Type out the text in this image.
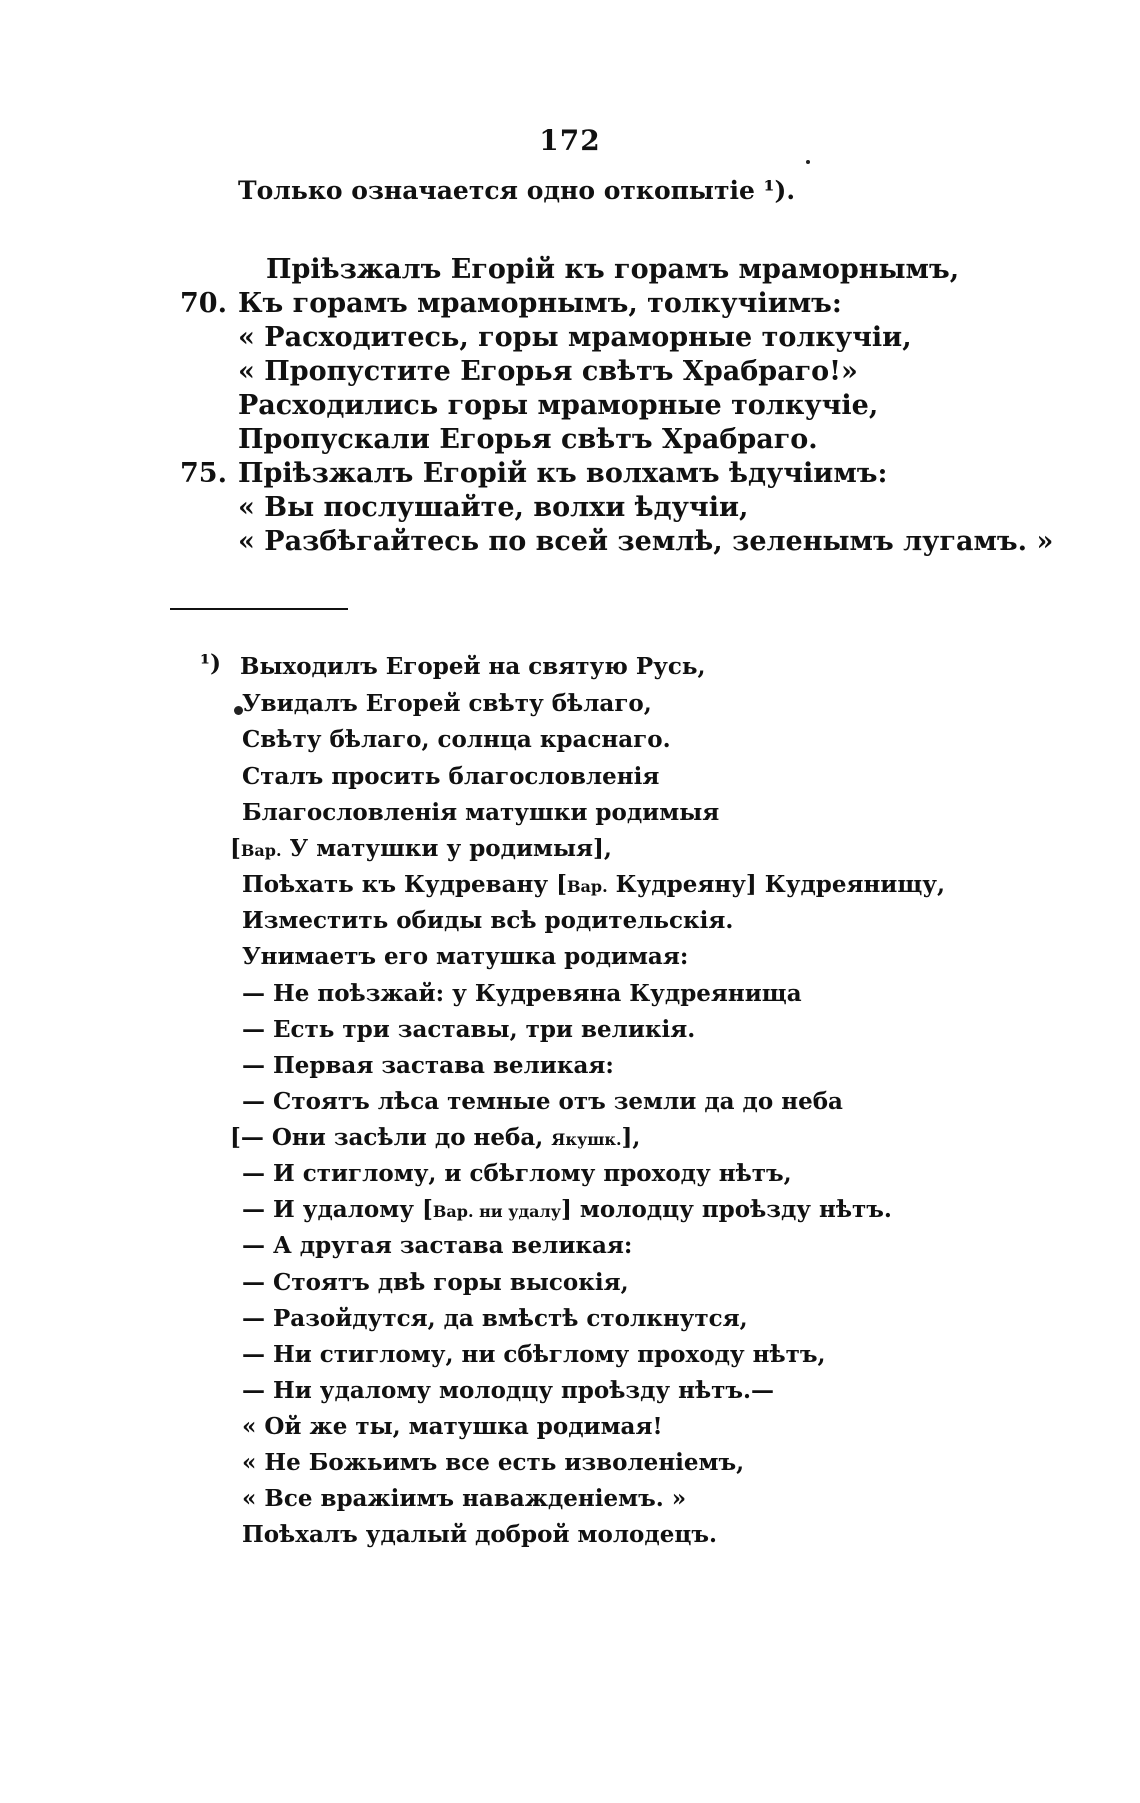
172
Только означается одно откопытіе ¹).
Пріѣзжалъ Егорій къ горамъ мраморнымъ,
70. Къ горамъ мраморнымъ, толкучіимъ:
« Расходитесь, горы мраморные толкучіи,
« Пропустите Егорья свѣтъ Храбраго!»
Расходились горы мраморные толкучіе,
Пропускали Егорья свѣтъ Храбраго.
75. Пріѣзжалъ Егорій къ волхамъ ѣдучіимъ:
« Вы послушайте, волхи ѣдучіи,
« Разбѣгайтесь по всей землѣ, зеленымъ лугамъ. »
¹) Выходилъ Егорей на святую Русь,
Увидалъ Егорей свѣту бѣлаго,
Свѣту бѣлаго, солнца краснаго.
Сталъ просить благословленія
Благословленія матушки родимыя
[Вар. У матушки у родимыя],
Поѣхать къ Кудревану [Вар. Кудреяну] Кудреянищу,
Изместить обиды всѣ родительскія.
Унимаетъ его матушка родимая:
— Не поѣзжай: у Кудревяна Кудреянища
— Есть три заставы, три великія.
— Первая застава великая:
— Стоятъ лѣса темные отъ земли да до неба
[— Они засѣли до неба, Якушк.],
— И стиглому, и сбѣглому проходу нѣтъ,
— И удалому [Вар. ни удалу] молодцу проѣзду нѣтъ.
— А другая застава великая:
— Стоятъ двѣ горы высокія,
— Разойдутся, да вмѣстѣ столкнутся,
— Ни стиглому, ни сбѣглому проходу нѣтъ,
— Ни удалому молодцу проѣзду нѣтъ.—
« Ой же ты, матушка родимая!
« Не Божьимъ все есть изволеніемъ,
« Все вражіимъ наважденіемъ. »
Поѣхалъ удалый доброй молодецъ.
